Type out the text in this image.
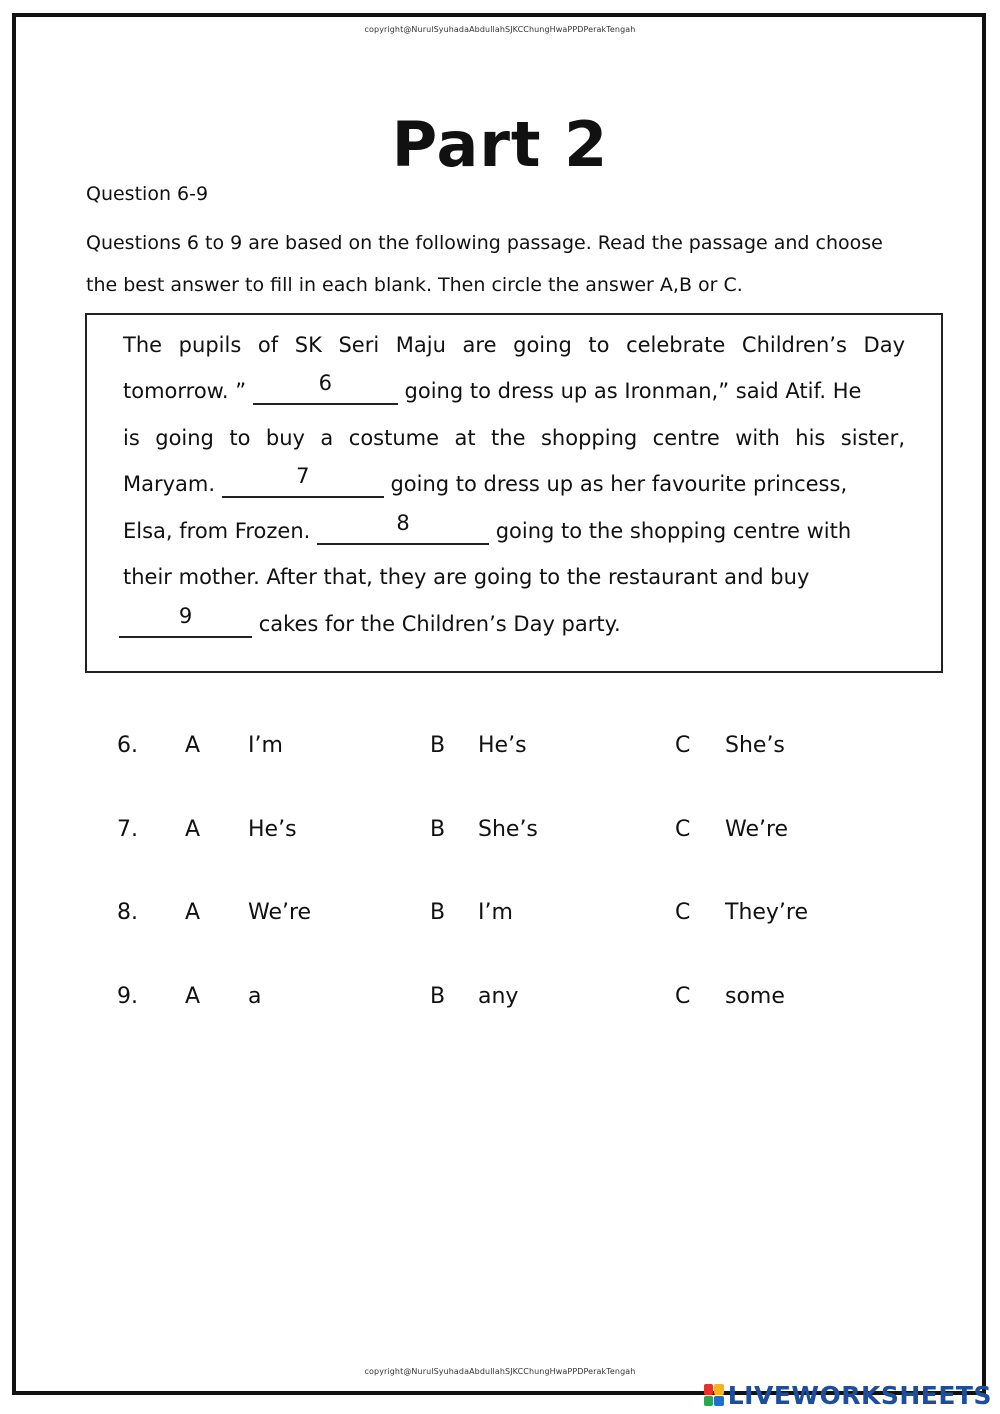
copyright@NurulSyuhadaAbdullahSJKCChungHwaPPDPerakTengah
Part 2
Question 6-9
Questions 6 to 9 are based on the following passage. Read the passage and choose
the best answer to fill in each blank. Then circle the answer A,B or C.
The pupils of SK Seri Maju are going to celebrate Children’s Day
tomorrow. ”	6	going to dress up as Ironman,” said Atif. He
is going to buy a costume at the shopping centre with his sister,
Maryam.	7	going to dress up as her favourite princess,
Elsa, from Frozen.	8	going to the shopping centre with
their mother. After that, they are going to the restaurant and buy
9	cakes for the Children’s Day party.
6. A I’m	B He’s	C She’s
7. A He’s	B She’s	C We’re
8. A We’re	B I’m	C They’re
9. A a	B any	C some
copyright@NurulSyuhadaAbdullahSJKCChungHwaPPDPerakTengah
LIVEWORKSHEETS
